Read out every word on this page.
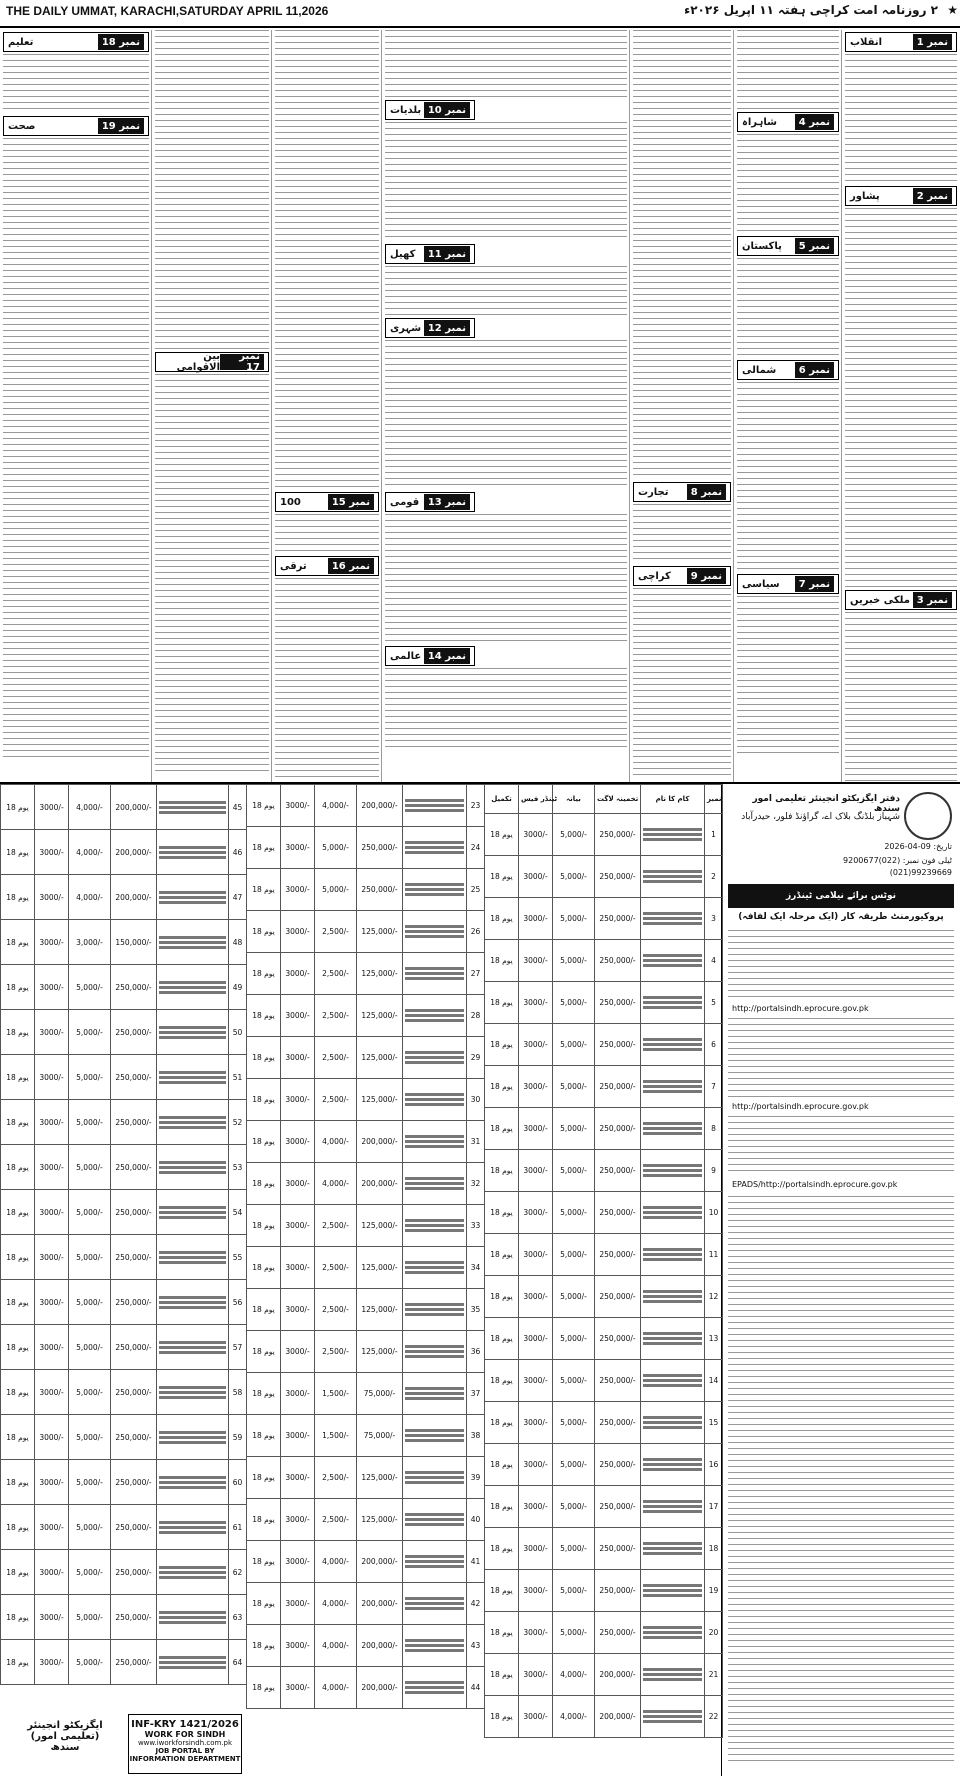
THE DAILY UMMAT, KARACHI,SATURDAY APRIL 11,2026	۲ روزنامہ امت کراچی ہفتہ ۱۱ اپریل ۲۰۲۶ء ★
نمبر 1
انقلاب
نمبر 2
پشاور
نمبر 3
ملکی خبریں
نمبر 4
شاہراہ
نمبر 5
پاکستان
نمبر 6
شمالی
نمبر 7
سیاسی
نمبر 8
تجارت
نمبر 9
کراچی
نمبر 10
بلدیات
نمبر 11
کھیل
نمبر 12
شہری
نمبر 13
قومی
نمبر 14
عالمی
نمبر 15
100
نمبر 16
ترقی
نمبر 17
بین الاقوامی
نمبر 18
تعلیم
نمبر 19
صحت
دفتر ایگزیکٹو انجینئر تعلیمی امور سندھ
شہباز بلڈنگ بلاک اے، گراؤنڈ فلور، حیدرآباد
تاریخ: 09-04-2026
ٹیلی فون نمبر: (022)9200677
(021)99239669
نوٹس برائے نیلامی ٹینڈرز
پروکیورمنٹ طریقہ کار (ایک مرحلہ ایک لفافہ)
http://portalsindh.eprocure.gov.pk
http://portalsindh.eprocure.gov.pk
EPADS/http://portalsindh.eprocure.gov.pk
تکمیل	ٹینڈر فیس	بیانہ	تخمینہ لاگت	کام کا نام	نمبر
18 یوم	3000/-	5,000/-	250,000/-		1
18 یوم	3000/-	5,000/-	250,000/-		2
18 یوم	3000/-	5,000/-	250,000/-		3
18 یوم	3000/-	5,000/-	250,000/-		4
18 یوم	3000/-	5,000/-	250,000/-		5
18 یوم	3000/-	5,000/-	250,000/-		6
18 یوم	3000/-	5,000/-	250,000/-		7
18 یوم	3000/-	5,000/-	250,000/-		8
18 یوم	3000/-	5,000/-	250,000/-		9
18 یوم	3000/-	5,000/-	250,000/-		10
18 یوم	3000/-	5,000/-	250,000/-		11
18 یوم	3000/-	5,000/-	250,000/-		12
18 یوم	3000/-	5,000/-	250,000/-		13
18 یوم	3000/-	5,000/-	250,000/-		14
18 یوم	3000/-	5,000/-	250,000/-		15
18 یوم	3000/-	5,000/-	250,000/-		16
18 یوم	3000/-	5,000/-	250,000/-		17
18 یوم	3000/-	5,000/-	250,000/-		18
18 یوم	3000/-	5,000/-	250,000/-		19
18 یوم	3000/-	5,000/-	250,000/-		20
18 یوم	3000/-	4,000/-	200,000/-		21
18 یوم	3000/-	4,000/-	200,000/-		22
18 یوم	3000/-	4,000/-	200,000/-		23
18 یوم	3000/-	5,000/-	250,000/-		24
18 یوم	3000/-	5,000/-	250,000/-		25
18 یوم	3000/-	2,500/-	125,000/-		26
18 یوم	3000/-	2,500/-	125,000/-		27
18 یوم	3000/-	2,500/-	125,000/-		28
18 یوم	3000/-	2,500/-	125,000/-		29
18 یوم	3000/-	2,500/-	125,000/-		30
18 یوم	3000/-	4,000/-	200,000/-		31
18 یوم	3000/-	4,000/-	200,000/-		32
18 یوم	3000/-	2,500/-	125,000/-		33
18 یوم	3000/-	2,500/-	125,000/-		34
18 یوم	3000/-	2,500/-	125,000/-		35
18 یوم	3000/-	2,500/-	125,000/-		36
18 یوم	3000/-	1,500/-	75,000/-		37
18 یوم	3000/-	1,500/-	75,000/-		38
18 یوم	3000/-	2,500/-	125,000/-		39
18 یوم	3000/-	2,500/-	125,000/-		40
18 یوم	3000/-	4,000/-	200,000/-		41
18 یوم	3000/-	4,000/-	200,000/-		42
18 یوم	3000/-	4,000/-	200,000/-		43
18 یوم	3000/-	4,000/-	200,000/-		44
18 یوم	3000/-	4,000/-	200,000/-		45
18 یوم	3000/-	4,000/-	200,000/-		46
18 یوم	3000/-	4,000/-	200,000/-		47
18 یوم	3000/-	3,000/-	150,000/-		48
18 یوم	3000/-	5,000/-	250,000/-		49
18 یوم	3000/-	5,000/-	250,000/-		50
18 یوم	3000/-	5,000/-	250,000/-		51
18 یوم	3000/-	5,000/-	250,000/-		52
18 یوم	3000/-	5,000/-	250,000/-		53
18 یوم	3000/-	5,000/-	250,000/-		54
18 یوم	3000/-	5,000/-	250,000/-		55
18 یوم	3000/-	5,000/-	250,000/-		56
18 یوم	3000/-	5,000/-	250,000/-		57
18 یوم	3000/-	5,000/-	250,000/-		58
18 یوم	3000/-	5,000/-	250,000/-		59
18 یوم	3000/-	5,000/-	250,000/-		60
18 یوم	3000/-	5,000/-	250,000/-		61
18 یوم	3000/-	5,000/-	250,000/-		62
18 یوم	3000/-	5,000/-	250,000/-		63
18 یوم	3000/-	5,000/-	250,000/-		64
ایگزیکٹو انجینئر
(تعلیمی امور)
سندھ
INF-KRY 1421/2026
WORK FOR SINDH
www.iworkforsindh.com.pk
JOB PORTAL BY
INFORMATION DEPARTMENT
